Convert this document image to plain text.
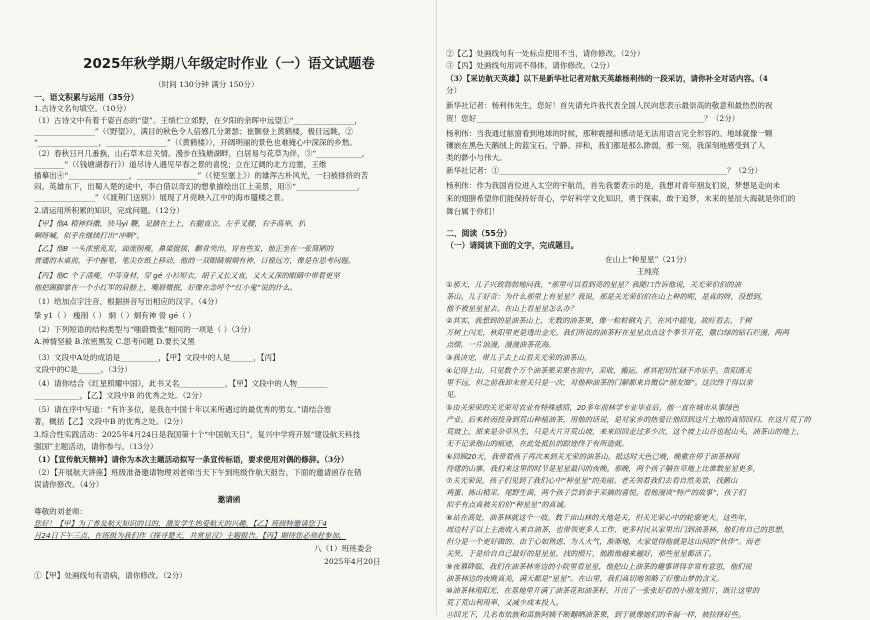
2025年秋学期八年级定时作业（一）语文试题卷
（时间 130分钟 满分 150分）
一、语文积累与运用（35分）
1.古诗文名句填空。（10分）
（1）古诗文中有着千姿百态的“望”。王绩伫立郊野，在夕阳的余晖中远望①“________________，
________________”（《野望》），满目的秋色令人倍感几分萧瑟；崔颢登上黄鹤楼，极目远眺，②
“________________，________________”（《黄鹤楼》），开阔明丽的景色也难掩心中深深的乡愁。
（2）春秋日月几番换，山石草木总关情。漫步在钱塘湖畔，白居易与花草为伴，③“____________，
________”（《钱塘湖春行》）道尽诗人遇见早春之景的喜悦；立在辽阔的北方边塞，王维
描摹出④“________________，________________”（《使至塞上》）的雄浑古朴风光，一扫被排挤的苦
闷。英雄东下，出蜀入楚的途中，李白借以奇幻的想象描绘出江上美景，用⑤“________________，
________________”（《渡荆门送别》）展现了月亮映入江中的海市蜃楼之景。
2.请运用所积累的知识，完成问题。（12分）
【甲】他A 精神抖擞，快马yì 鞭，足踏在土上，右腿直立，左手叉腰，右手高举，扒
啊呀喊，似乎在继续打出“冲啊”。
【乙】他B 一头浓密乱发，面庞削瘦，鼻梁挺拔，颧骨突出，胃有些发，他正坐在一张简陋的
普通的木桌前，手中握笔，笔尖在纸上移动，他的一双眼睛炯炯有神，目视远方，像是在思考问题。
【丙】他C 个子清瘦，中等身材，穿 gé 小衫短衣，胡子又长又直，又大又深的眼睛中带着更坚
他把踢脚掌在一个小红军的肩膀上，嘴唇微抿，好像在念呼个“红小鬼”说的什么。
（1）给加点字注音，根据拼音写出相应的汉字。（4分）
挚 y1（ ） 瘦削（ ） 炯（ ）炯有神 骨 gé（ ）
（2）下列短语的结构类型与“嗤蔚微张”相同的一项是（ ）（3分）
A.神情坚毅 B.浓密黑发 C.思考问题 D.要长又黑
（3）文段中A处的成语是__________，【甲】文段中的人是______，【丙】
文段中的C是______。（3分）
（4）请你结合《红星照耀中国》，此书又名____________，【甲】文段中的人物________
____________，【乙】文段中B 的优秀之处。（2分）
（5）请在序中写道：“有许多位，是我在中国十年以来所遇过的最优秀的男女。”请结合原
著，概括【乙】文段中B 的优秀之处。（2分）
3.综合性实践活动：2025年4月24日是我国第十个“中国航天日”，复兴中学将开展“建设航天科技
强国”主题活动，请你参与。（13分）
（1）【宣传航天精神】请你为本次主题活动拟写一条宣传标语，要求使用对偶的修辞。（3分）
（2）【开展航天讲座】班级准备邀请物理刘老师当天下午到班级作航天报告，下面的邀请函存在错
误请你修改。（4分）
邀请函
尊敬的刘老师：
您好！【甲】为了普及航天知识的目的，激发学生热爱航天的兴趣，【乙】班级特邀请您于4
月24日下午三点，在班级为我们作《探寻楚天，共赏星汉》主题报告。【丙】期待您必须赶参加。
八（1）班班委会
2025年4月20日
①【甲】处画线句有语病，请你修改。（2分）
②【乙】处画线句有一处标点使用不当，请你修改。（2分）
③【丙】处画线句用词不得体，请你修改。（2分）
（3）【采访航天英雄】以下是新华社记者对航天英雄杨利伟的一段采访，请你补全对话内容。（4
分）
新华社记者：杨利伟先生，您好！首先请允许我代表全国人民向您表示最崇高的敬意和最热烈的祝
贺！您好____________________________________________________________？（2分）
杨利伟：当我通过舷窗看到地球的时候，那种震撼和感动是无法用语言完全形容的。地球就像一颗
镶嵌在黑色天鹅绒上的蓝宝石，宁静、祥和，我们都是那么渺弱，那一刻，我深刻地感受到了人
类的渺小与伟大。
新华社记者：①____________________________________________________________？（2分）
杨利伟：作为我国首位进入太空的宇航员，首先我要表示的是，我想对青年朋友们说，梦想是走向未
来的翅膀希望你们能保持好奇心，学好科学文化知识，勇于探索，敢于追梦，未来的星辰大海就是你们的
舞台属于你们！
二、阅读（55分）
（一）请阅读下面的文字，完成题目。
在山上“种星星”（21分）
王纯亮
①那天，儿子兴致勃勃地问我，“那里可以看到亮的星星？我随口告诉他说，关光荣伯伯的油
茶山。儿子好奇：为什么那里上有星星？我说，那是关光荣伯伯在山上种的呢，是真的呀，没想到，
他不被星星星去，在山上看星星怎么办？
②其实，我想到的是油茶山上，无数的油茶果，像一粒粒钢丸子，在风中摇曳。故旺看去，千树
万树上闪光，秋阳里更是透出金光。我们所说的油茶籽在星星点点这个季节开花，撒白绿的钻石烂漫，两两
点缀，一片浪漫，漫漫油茶花海。
③我决定，带儿子去上山看关光荣的油茶山。
④记得上山，只见数个万个油茶果采果在院中，采收，搬运，者其把切忙碌不亦乐乎。贵阳离关
里不远，但之前我却未曾关只是一次，对他种油茶的门解都来自微信“朋友圈”。这次终于得以亲
见。
⑤由关荣荣的关光荣对农业有特殊感情，20多年前林学专业毕业后，他一直在城市从事绿色
产业。后来转而投身到荒山种植油茶，用他的话说，是对家乡的热爱让他回到这片土地的真情回归。在这片荒了的
荒坡上，原来是杂草丛生，只是大片开荒山坡，来来回回走过多少次，这个坡上山谷也起山头，油茶山的地上，
无不记录他山的痕迹，在此处抵抗的踪迹终于有所造就。
⑥回顾20天，我带着孩子再次来到关光荣的油茶山。抵达时天色已晚，晚歌在停于油茶林间
待建的山寨，我们来这里的时节是星星最闪的夜晚。那晚，两个孩子躺在草地上比谁数星星更多，
⑦关光荣说，孩子们见到了我们心中“种星星”的美丽。老关领着我们去看自然美景，找鹅山
鸡蛋、拣山精采、尾野生菌，两个孩子尝到亲手采摘的喜悦。看他漫谈“特产的故事”，孩子们
似乎有点真被关伯伯“种星星”的真诚。
⑧站在高处，油茶林就这个一收。数千亩山林的天地是关，但关光荣心中的轮廓更大。这些年，
周边村子以上主流收入来自油茶，也带领更多人工作，更多村民从家里出门到油茶林，他们有自己的思想，
但分是一个更好做的、由于心如熟虑、为人大气，渐渐地，大家觉得他就是这山间的“伙伴”。而老
关笑，于是给自自己最好的是星星，找的照片，他跟他越来越好，那些星星都活了。
⑨夜幕降临，我们在油茶林旁边的小院里看星星，他把山上油茶的趣事讲得非常有意思，他们说
油茶林边的夜晚真美，满天都是“星星”。在山里，我们真切地领略了好像山梦的含义。
⑩油茶林用阳光，在基地里开满了油茶花和油茶籽，开出了一张张好看的小朋友照片，既让这里的
荒了荒山利用率，又减少成本投入。
⑪回光下，几名布依族和苗族阿姨不断翻晒油茶果，到于就像她们的幸福一样，被拉择好些。
